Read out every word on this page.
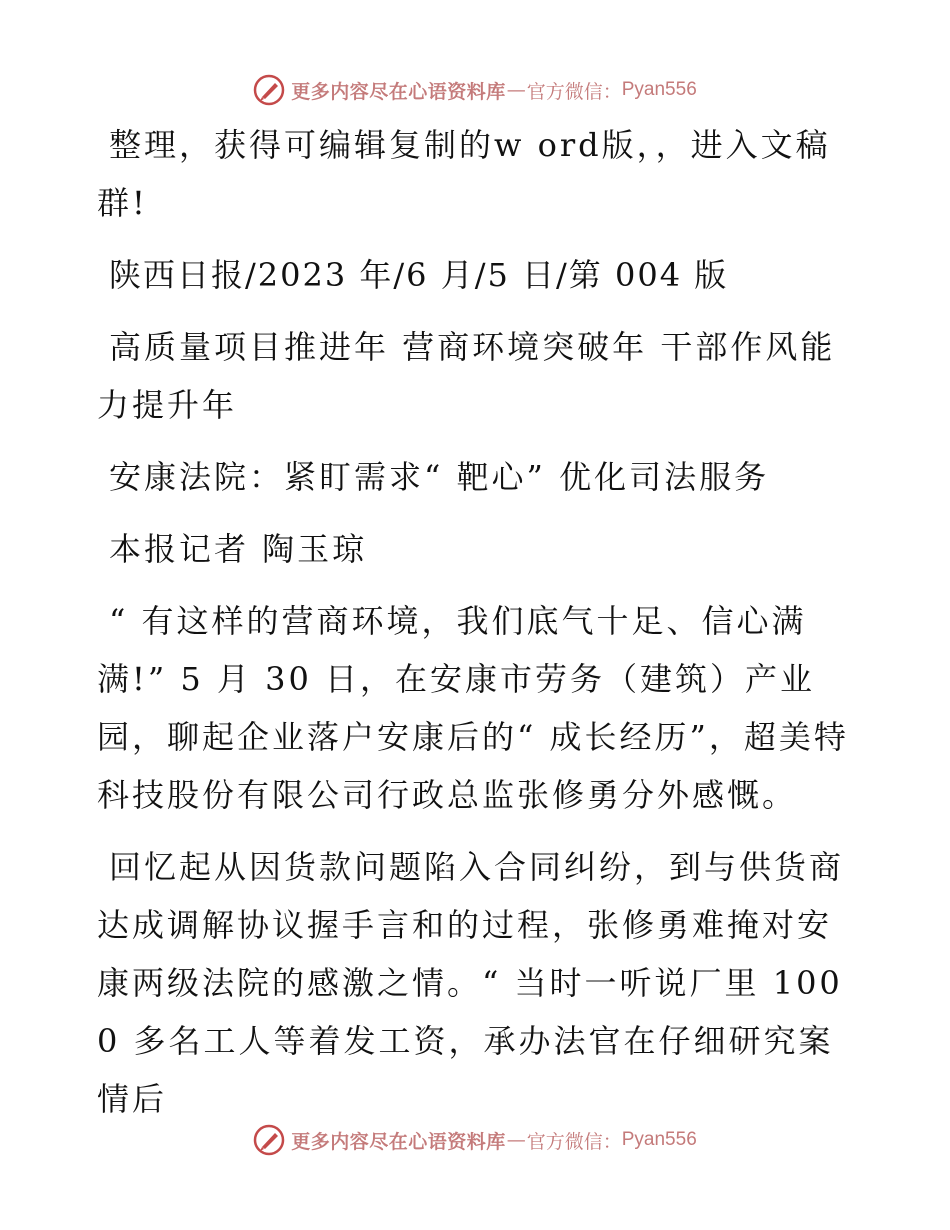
更多内容尽在心语资料库 — 官方微信： Pyan556

整理，获得可编辑复制的w ord版，，进入文稿群!

陕西日报/2023 年/6 月/5 日/第 004 版

高质量项目推进年 营商环境突破年 干部作风能力提升年

安康法院：紧盯需求“ 靶心” 优化司法服务

本报记者 陶玉琼

“ 有这样的营商环境，我们底气十足、信心满满!” 5 月 30 日，在安康市劳务（建筑）产业园，聊起企业落户安康后的“ 成长经历”，超美特科技股份有限公司行政总监张修勇分外感慨。

回忆起从因货款问题陷入合同纠纷，到与供货商达成调解协议握手言和的过程，张修勇难掩对安康两级法院的感激之情。“ 当时一听说厂里 1000 多名工人等着发工资，承办法官在仔细研究案情后

更多内容尽在心语资料库 — 官方微信： Pyan556
